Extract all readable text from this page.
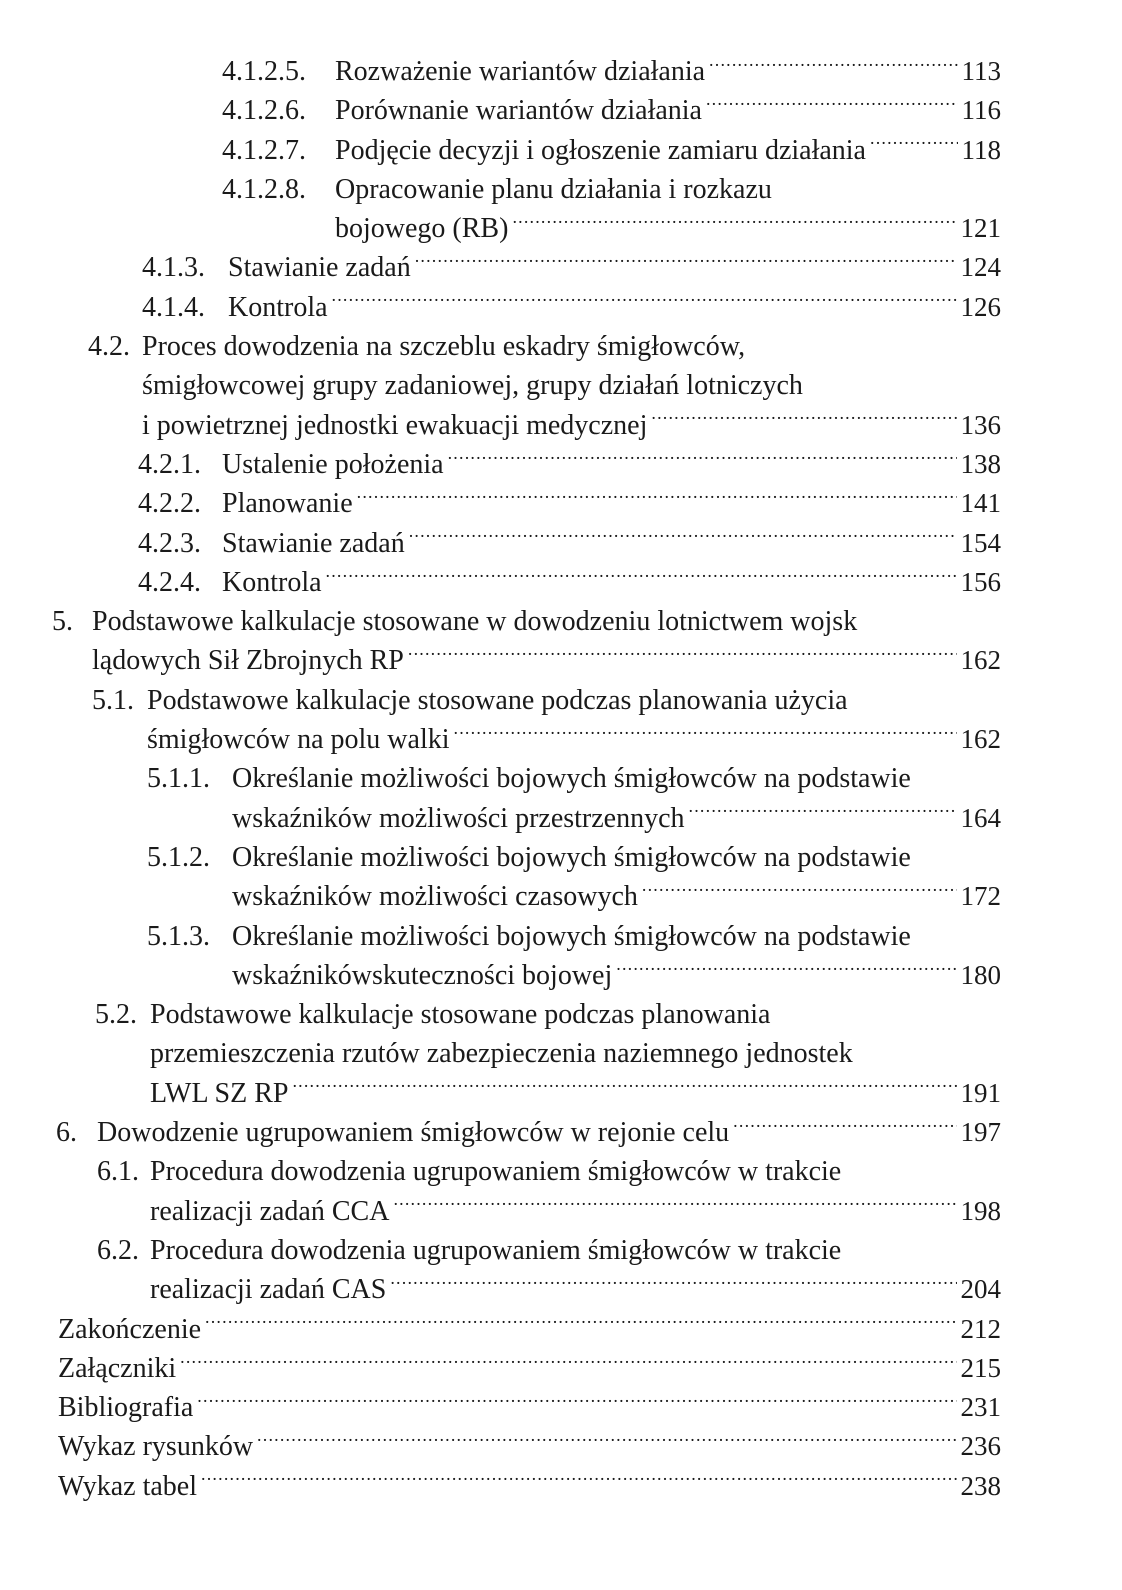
4.1.2.5. Rozważenie wariantów działania .....	113
4.1.2.6. Porównanie wariantów działania .....	116
4.1.2.7. Podjęcie decyzji i ogłoszenie zamiaru działania .....	118
4.1.2.8. Opracowanie planu działania i rozkazu
bojowego (RB) .....	121
4.1.3. Stawianie zadań .....	124
4.1.4. Kontrola .....	126
4.2. Proces dowodzenia na szczeblu eskadry śmigłowców,
śmigłowcowej grupy zadaniowej, grupy działań lotniczych
i powietrznej jednostki ewakuacji medycznej .....	136
4.2.1. Ustalenie położenia .....	138
4.2.2. Planowanie .....	141
4.2.3. Stawianie zadań .....	154
4.2.4. Kontrola .....	156
5. Podstawowe kalkulacje stosowane w dowodzeniu lotnictwem wojsk
lądowych Sił Zbrojnych RP .....	162
5.1. Podstawowe kalkulacje stosowane podczas planowania użycia
śmigłowców na polu walki .....	162
5.1.1. Określanie możliwości bojowych śmigłowców na podstawie
wskaźników możliwości przestrzennych .....	164
5.1.2. Określanie możliwości bojowych śmigłowców na podstawie
wskaźników możliwości czasowych .....	172
5.1.3. Określanie możliwości bojowych śmigłowców na podstawie
wskaźnikówskuteczności bojowej .....	180
5.2. Podstawowe kalkulacje stosowane podczas planowania
przemieszczenia rzutów zabezpieczenia naziemnego jednostek
LWL SZ RP .....	191
6. Dowodzenie ugrupowaniem śmigłowców w rejonie celu .....	197
6.1. Procedura dowodzenia ugrupowaniem śmigłowców w trakcie
realizacji zadań CCA .....	198
6.2. Procedura dowodzenia ugrupowaniem śmigłowców w trakcie
realizacji zadań CAS .....	204
Zakończenie .....	212
Załączniki .....	215
Bibliografia .....	231
Wykaz rysunków .....	236
Wykaz tabel .....	238
